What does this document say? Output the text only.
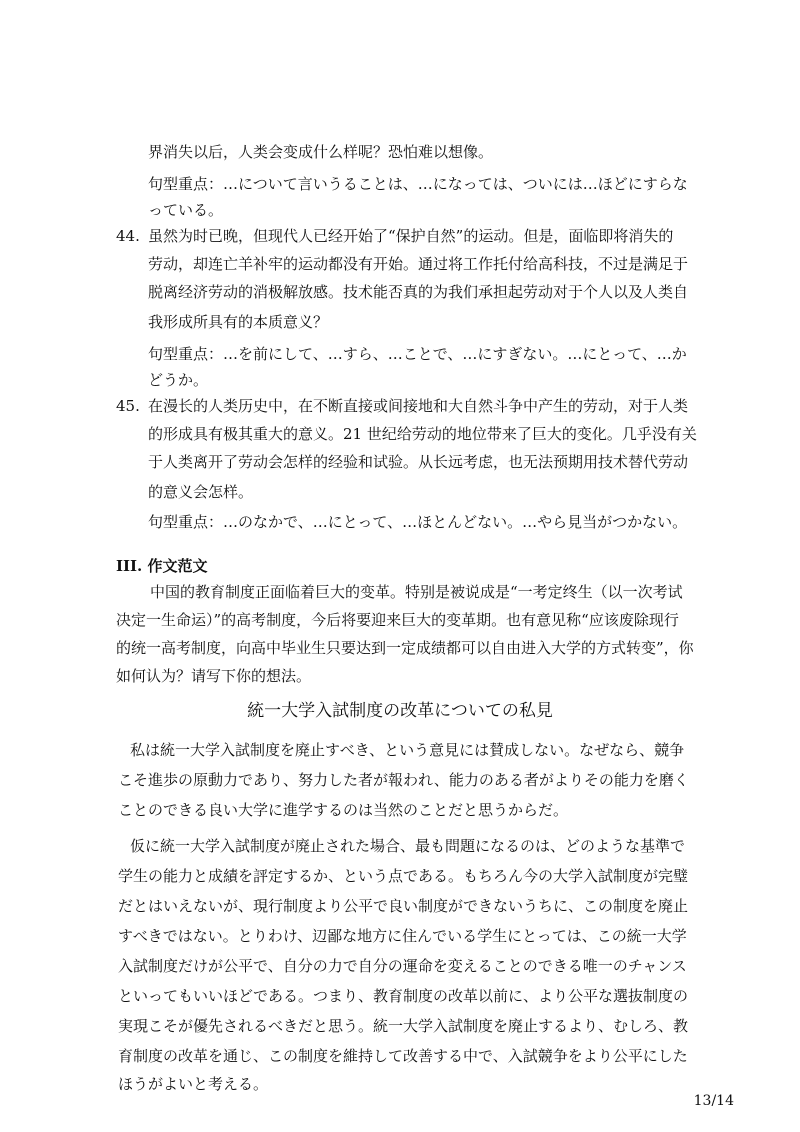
界消失以后，人类会变成什么样呢？恐怕难以想像。
句型重点：…について言いうることは、…になっては、ついには…ほどにすらな
っている。
44. 虽然为时已晚，但现代人已经开始了“保护自然”的运动。但是，面临即将消失的
劳动，却连亡羊补牢的运动都没有开始。通过将工作托付给高科技，不过是满足于
脱离经济劳动的消极解放感。技术能否真的为我们承担起劳动对于个人以及人类自
我形成所具有的本质意义？
句型重点：…を前にして、…すら、…ことで、…にすぎない。…にとって、…か
どうか。
45. 在漫长的人类历史中，在不断直接或间接地和大自然斗争中产生的劳动，对于人类
的形成具有极其重大的意义。21 世纪给劳动的地位带来了巨大的变化。几乎没有关
于人类离开了劳动会怎样的经验和试验。从长远考虑，也无法预期用技术替代劳动
的意义会怎样。
句型重点：…のなかで、…にとって、…ほとんどない。…やら見当がつかない。
III. 作文范文
中国的教育制度正面临着巨大的变革。特别是被说成是“一考定终生（以一次考试
决定一生命运）”的高考制度，今后将要迎来巨大的变革期。也有意见称“应该废除现行
的统一高考制度，向高中毕业生只要达到一定成绩都可以自由进入大学的方式转变”，你
如何认为？请写下你的想法。
統一大学入試制度の改革についての私見
私は統一大学入試制度を廃止すべき、という意見には賛成しない。なぜなら、競争
こそ進歩の原動力であり、努力した者が報われ、能力のある者がよりその能力を磨く
ことのできる良い大学に進学するのは当然のことだと思うからだ。
仮に統一大学入試制度が廃止された場合、最も問題になるのは、どのような基準で
学生の能力と成績を評定するか、という点である。もちろん今の大学入試制度が完璧
だとはいえないが、現行制度より公平で良い制度ができないうちに、この制度を廃止
すべきではない。とりわけ、辺鄙な地方に住んでいる学生にとっては、この統一大学
入試制度だけが公平で、自分の力で自分の運命を変えることのできる唯一のチャンス
といってもいいほどである。つまり、教育制度の改革以前に、より公平な選抜制度の
実現こそが優先されるべきだと思う。統一大学入試制度を廃止するより、むしろ、教
育制度の改革を通じ、この制度を維持して改善する中で、入試競争をより公平にした
ほうがよいと考える。
13/14
